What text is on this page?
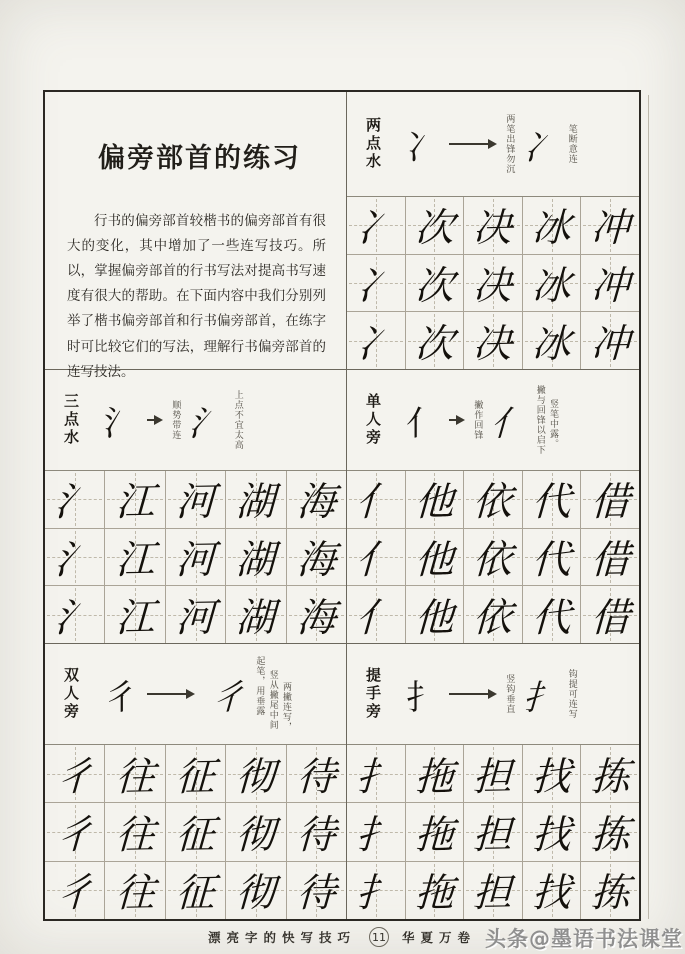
偏旁部首的练习

行书的偏旁部首较楷书的偏旁部首有很大的变化，其中增加了一些连写技巧。所以，掌握偏旁部首的行书写法对提高书写速度有很大的帮助。在下面内容中我们分别列举了楷书偏旁部首和行书偏旁部首，在练字时可比较它们的写法，理解行书偏旁部首的连写技法。

两点水 冫	两笔出锋勿沉 冫 笔断意连
冫 次 决 冰 冲
冫 次 决 冰 冲
冫 次 决 冰 冲
三点水 氵	顺势带连 氵 上点不宜太高
氵 江 河 湖 海
氵 江 河 湖 海
氵 江 河 湖 海
单人旁 亻	撇作回锋 亻 撇与回锋以启下 竖笔中露。
亻 他 依 代 借
亻 他 依 代 借
亻 他 依 代 借
双人旁 彳 彳 起笔，用垂露 竖从撇尾中间 两撇连写，
彳 往 征 彻 待
彳 往 征 彻 待
彳 往 征 彻 待
提手旁 扌	竖钩垂直 扌 钩提可连写
扌 拖 担 找 拣
扌 拖 担 找 拣
扌 拖 担 找 拣
漂亮字的快写技巧 11 华夏万卷 头条@墨语书法课堂
